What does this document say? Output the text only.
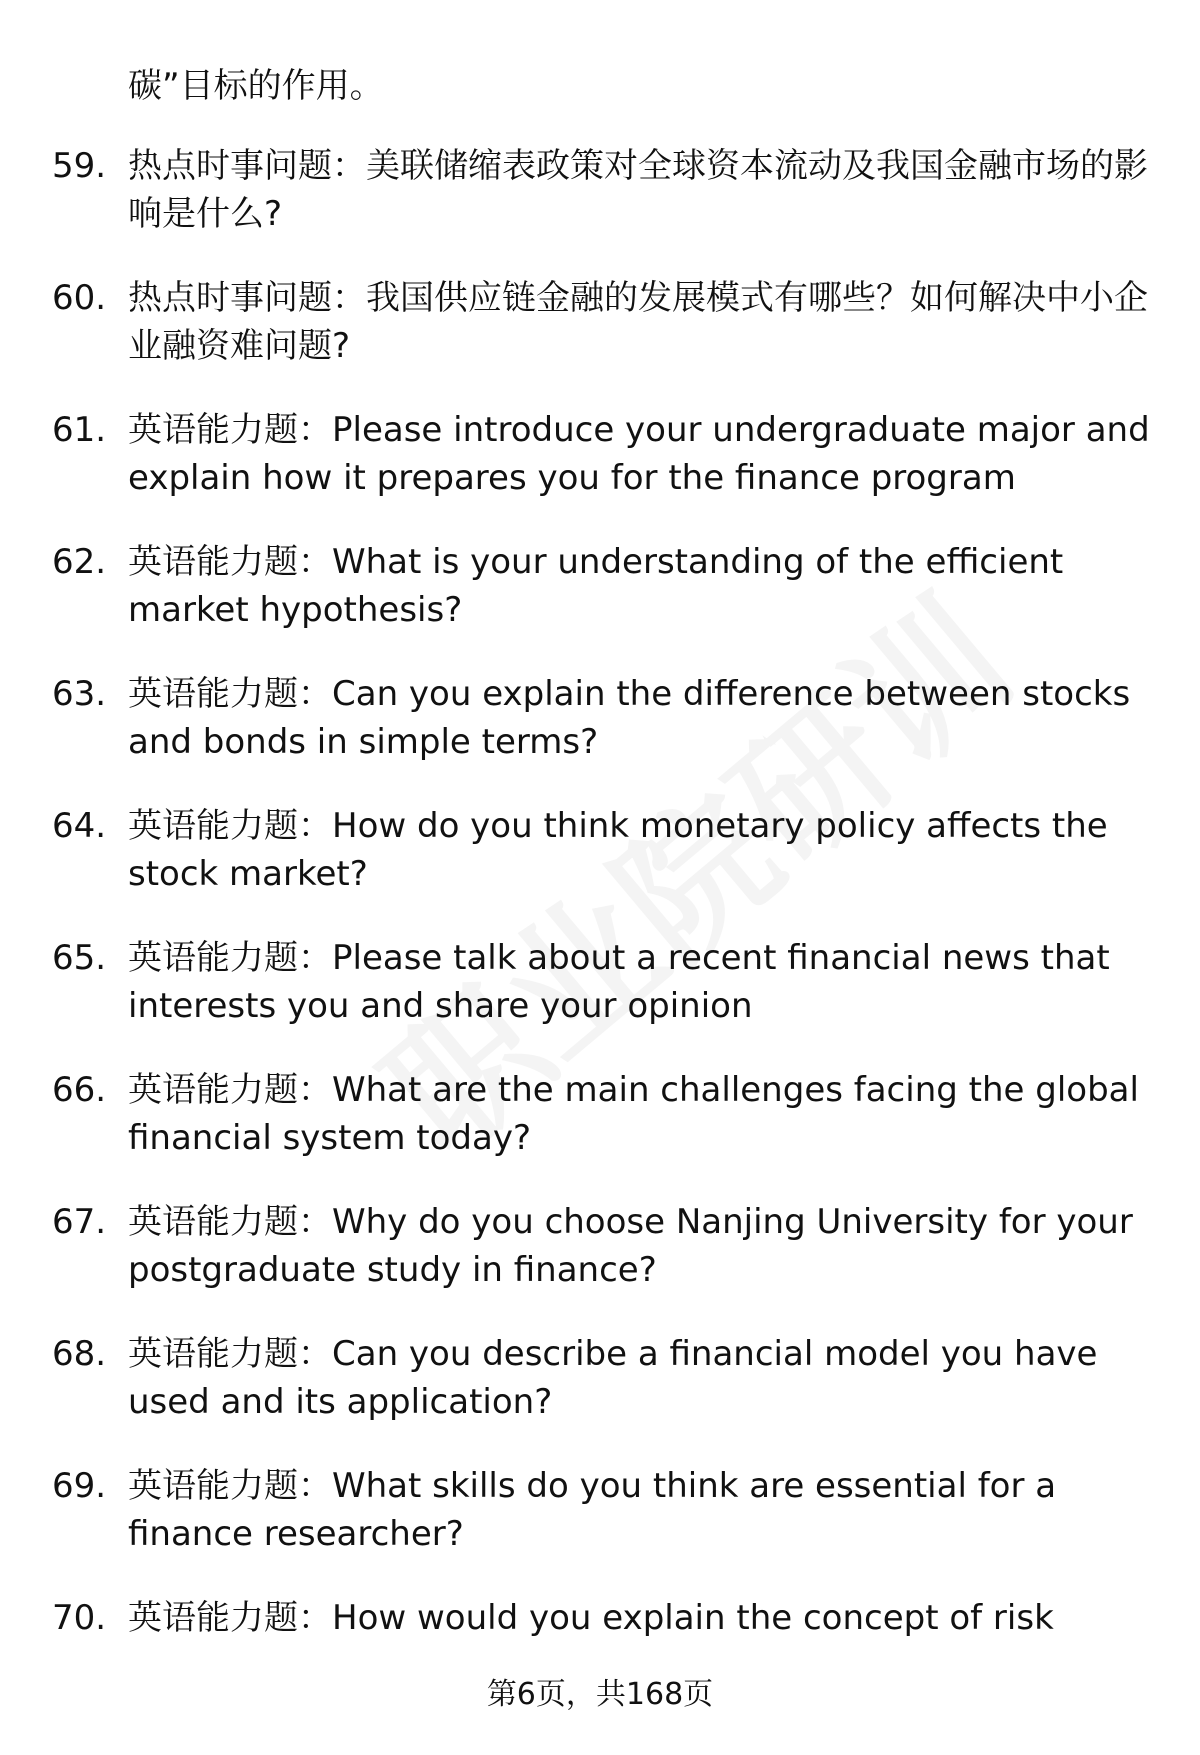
碳”目标的作用。

59. 热点时事问题：美联储缩表政策对全球资本流动及我国金融市场的影响是什么?
60. 热点时事问题：我国供应链金融的发展模式有哪些？如何解决中小企业融资难问题?
61. 英语能力题：Please introduce your undergraduate major and explain how it prepares you for the finance program
62. 英语能力题：What is your understanding of the efficient market hypothesis?
63. 英语能力题：Can you explain the difference between stocks and bonds in simple terms?
64. 英语能力题：How do you think monetary policy affects the stock market?
65. 英语能力题：Please talk about a recent financial news that interests you and share your opinion
66. 英语能力题：What are the main challenges facing the global financial system today?
67. 英语能力题：Why do you choose Nanjing University for your postgraduate study in finance?
68. 英语能力题：Can you describe a financial model you have used and its application?
69. 英语能力题：What skills do you think are essential for a finance researcher?
70. 英语能力题：How would you explain the concept of risk
第6页，共168页
